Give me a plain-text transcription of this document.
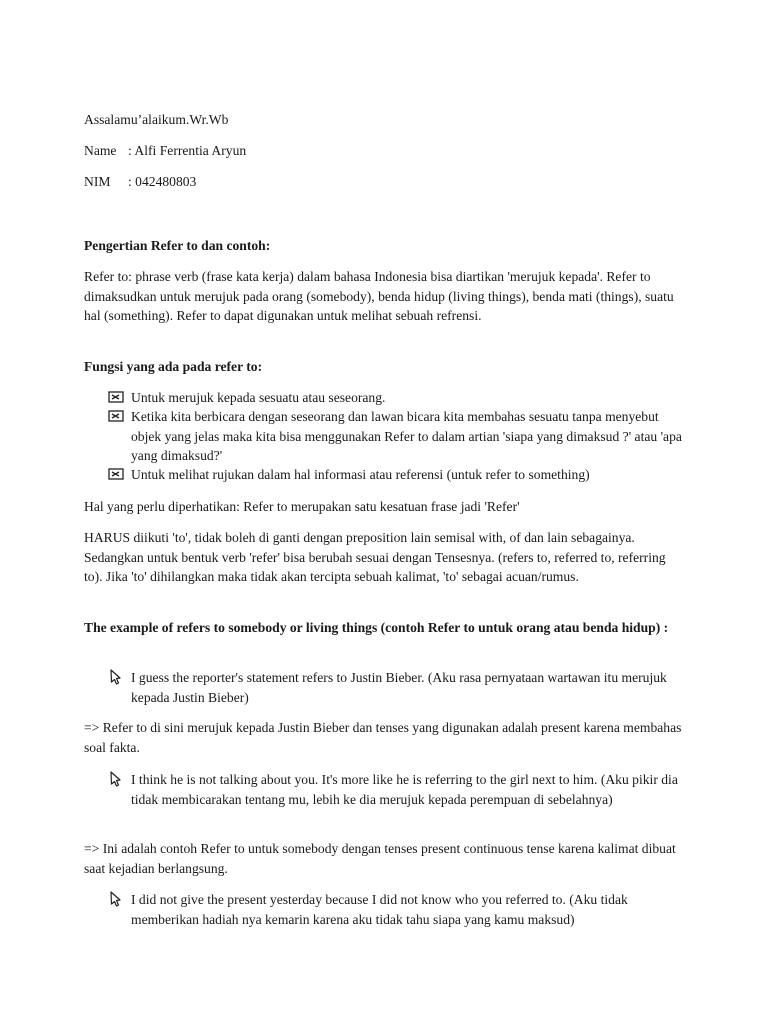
Assalamu’alaikum.Wr.Wb

Name : Alfi Ferrentia Aryun

NIM : 042480803

Pengertian Refer to dan contoh:

Refer to: phrase verb (frase kata kerja) dalam bahasa Indonesia bisa diartikan 'merujuk kepada'. Refer to dimaksudkan untuk merujuk pada orang (somebody), benda hidup (living things), benda mati (things), suatu hal (something). Refer to dapat digunakan untuk melihat sebuah refrensi.

Fungsi yang ada pada refer to:

Untuk merujuk kepada sesuatu atau seseorang.
Ketika kita berbicara dengan seseorang dan lawan bicara kita membahas sesuatu tanpa menyebut objek yang jelas maka kita bisa menggunakan Refer to dalam artian 'siapa yang dimaksud ?' atau 'apa yang dimaksud?'
Untuk melihat rujukan dalam hal informasi atau referensi (untuk refer to something)

Hal yang perlu diperhatikan: Refer to merupakan satu kesatuan frase jadi 'Refer'

HARUS diikuti 'to', tidak boleh di ganti dengan preposition lain semisal with, of dan lain sebagainya. Sedangkan untuk bentuk verb 'refer' bisa berubah sesuai dengan Tensesnya. (refers to, referred to, referring to). Jika 'to' dihilangkan maka tidak akan tercipta sebuah kalimat, 'to' sebagai acuan/rumus.

The example of refers to somebody or living things (contoh Refer to untuk orang atau benda hidup) :

I guess the reporter's statement refers to Justin Bieber. (Aku rasa pernyataan wartawan itu merujuk kepada Justin Bieber)

=> Refer to di sini merujuk kepada Justin Bieber dan tenses yang digunakan adalah present karena membahas soal fakta.

I think he is not talking about you. It's more like he is referring to the girl next to him. (Aku pikir dia tidak membicarakan tentang mu, lebih ke dia merujuk kepada perempuan di sebelahnya)

=> Ini adalah contoh Refer to untuk somebody dengan tenses present continuous tense karena kalimat dibuat saat kejadian berlangsung.

I did not give the present yesterday because I did not know who you referred to. (Aku tidak memberikan hadiah nya kemarin karena aku tidak tahu siapa yang kamu maksud)
